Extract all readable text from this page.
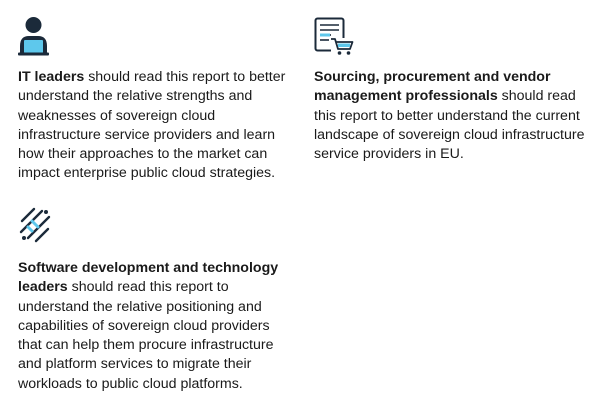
IT leaders should read this report to better understand the relative strengths and weaknesses of sovereign cloud infrastructure service providers and learn how their approaches to the market can impact enterprise public cloud strategies.
Sourcing, procurement and vendor management professionals should read this report to better understand the current landscape of sovereign cloud infrastructure service providers in EU.
Software development and technology leaders should read this report to understand the relative positioning and capabilities of sovereign cloud providers that can help them procure infrastructure and platform services to migrate their workloads to public cloud platforms.
